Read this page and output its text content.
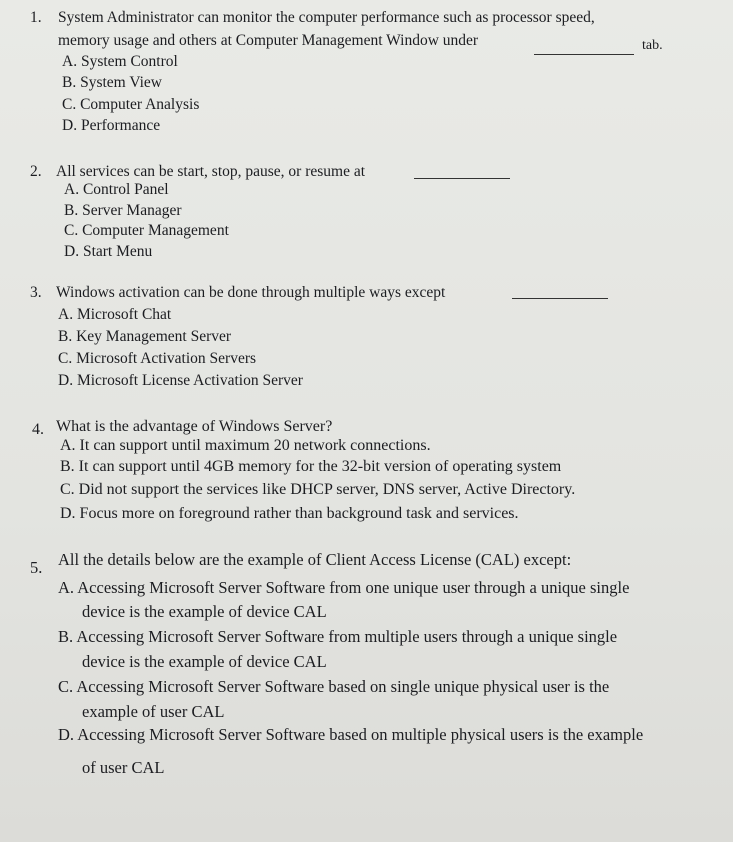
1. System Administrator can monitor the computer performance such as processor speed,
memory usage and others at Computer Management Window under	tab.
A. System Control
B. System View
C. Computer Analysis
D. Performance
2. All services can be start, stop, pause, or resume at
A. Control Panel
B. Server Manager
C. Computer Management
D. Start Menu
3. Windows activation can be done through multiple ways except
A. Microsoft Chat
B. Key Management Server
C. Microsoft Activation Servers
D. Microsoft License Activation Server
4. What is the advantage of Windows Server?
A. It can support until maximum 20 network connections.
B. It can support until 4GB memory for the 32-bit version of operating system
C. Did not support the services like DHCP server, DNS server, Active Directory.
D. Focus more on foreground rather than background task and services.
5. All the details below are the example of Client Access License (CAL) except:
A. Accessing Microsoft Server Software from one unique user through a unique single
device is the example of device CAL
B. Accessing Microsoft Server Software from multiple users through a unique single
device is the example of device CAL
C. Accessing Microsoft Server Software based on single unique physical user is the
example of user CAL
D. Accessing Microsoft Server Software based on multiple physical users is the example
of user CAL
